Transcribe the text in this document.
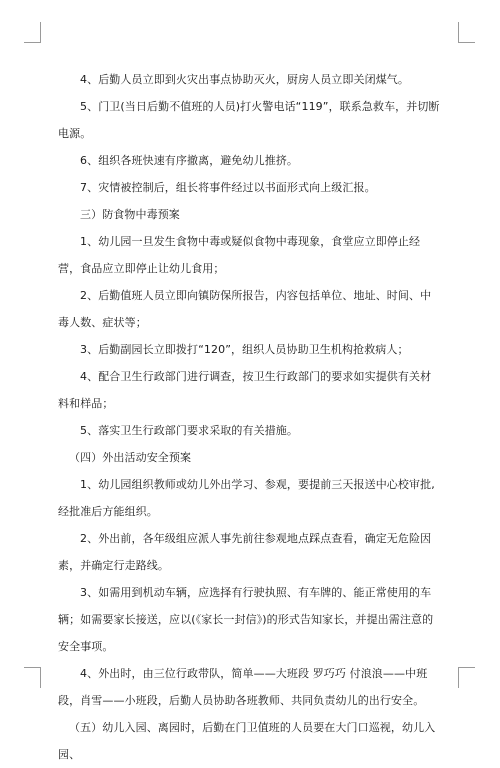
4、后勤人员立即到火灾出事点协助灭火，厨房人员立即关闭煤气。

5、门卫(当日后勤不值班的人员)打火警电话“119”，联系急救车，并切断电源。

6、组织各班快速有序撤离，避免幼儿推挤。

7、灾情被控制后，组长将事件经过以书面形式向上级汇报。

三）防食物中毒预案

1、幼儿园一旦发生食物中毒或疑似食物中毒现象，食堂应立即停止经营，食品应立即停止让幼儿食用；

2、后勤值班人员立即向镇防保所报告，内容包括单位、地址、时间、中毒人数、症状等；

3、后勤副园长立即拨打“120”，组织人员协助卫生机构抢救病人；

4、配合卫生行政部门进行调查，按卫生行政部门的要求如实提供有关材料和样品；

5、落实卫生行政部门要求采取的有关措施。

（四）外出活动安全预案

1、幼儿园组织教师或幼儿外出学习、参观，要提前三天报送中心校审批,经批准后方能组织。

2、外出前，各年级组应派人事先前往参观地点踩点查看，确定无危险因素，并确定行走路线。

3、如需用到机动车辆，应选择有行驶执照、有车牌的、能正常使用的车辆；如需要家长接送，应以(《家长一封信》)的形式告知家长，并提出需注意的安全事项。

4、外出时，由三位行政带队，简单——大班段 罗巧巧 付浪浪——中班段，肖雪——小班段，后勤人员协助各班教师、共同负责幼儿的出行安全。

（五）幼儿入园、离园时，后勤在门卫值班的人员要在大门口巡视，幼儿入园、
